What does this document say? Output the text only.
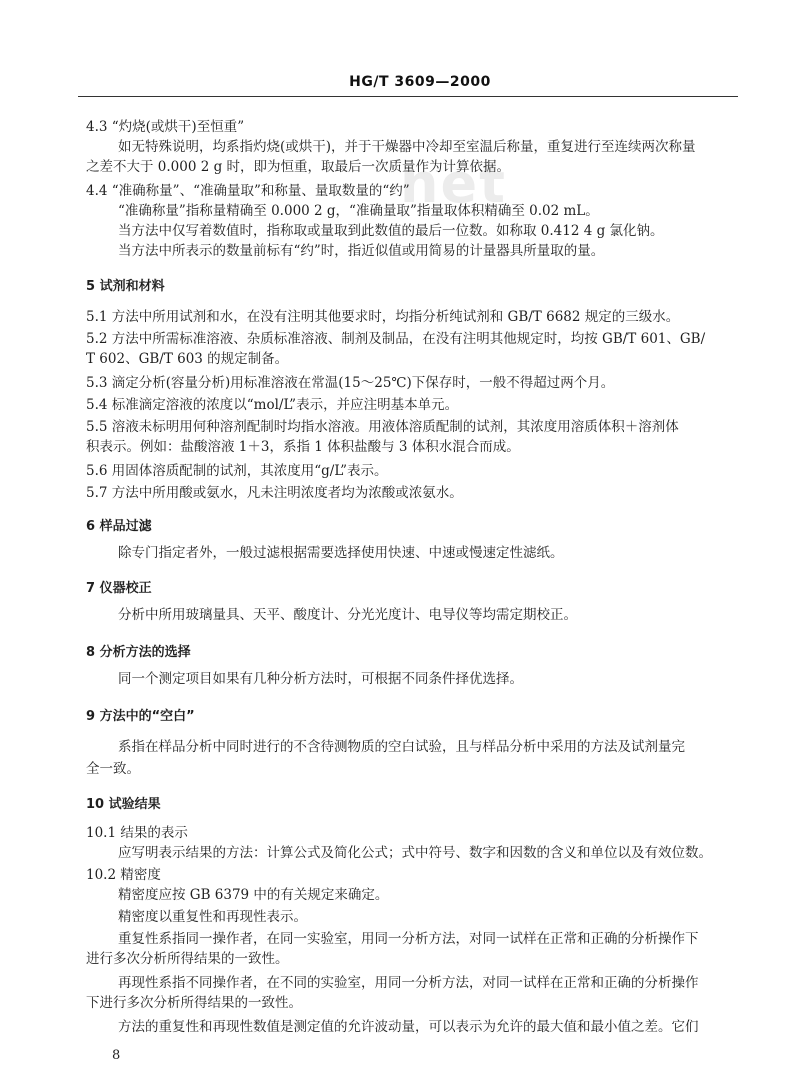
HG/T 3609—2000
net
4.3 “灼烧(或烘干)至恒重”
如无特殊说明，均系指灼烧(或烘干)，并于干燥器中冷却至室温后称量，重复进行至连续两次称量
之差不大于 0.000 2 g 时，即为恒重，取最后一次质量作为计算依据。
4.4 “准确称量”、“准确量取”和称量、量取数量的“约”
“准确称量”指称量精确至 0.000 2 g，“准确量取”指量取体积精确至 0.02 mL。
当方法中仅写着数值时，指称取或量取到此数值的最后一位数。如称取 0.412 4 g 氯化钠。
当方法中所表示的数量前标有“约”时，指近似值或用简易的计量器具所量取的量。
5 试剂和材料
5.1 方法中所用试剂和水，在没有注明其他要求时，均指分析纯试剂和 GB/T 6682 规定的三级水。
5.2 方法中所需标准溶液、杂质标准溶液、制剂及制品，在没有注明其他规定时，均按 GB/T 601、GB/
T 602、GB/T 603 的规定制备。
5.3 滴定分析(容量分析)用标准溶液在常温(15～25℃)下保存时，一般不得超过两个月。
5.4 标准滴定溶液的浓度以“mol/L”表示，并应注明基本单元。
5.5 溶液未标明用何种溶剂配制时均指水溶液。用液体溶质配制的试剂，其浓度用溶质体积＋溶剂体
积表示。例如：盐酸溶液 1＋3，系指 1 体积盐酸与 3 体积水混合而成。
5.6 用固体溶质配制的试剂，其浓度用“g/L”表示。
5.7 方法中所用酸或氨水，凡未注明浓度者均为浓酸或浓氨水。
6 样品过滤
除专门指定者外，一般过滤根据需要选择使用快速、中速或慢速定性滤纸。
7 仪器校正
分析中所用玻璃量具、天平、酸度计、分光光度计、电导仪等均需定期校正。
8 分析方法的选择
同一个测定项目如果有几种分析方法时，可根据不同条件择优选择。
9 方法中的“空白”
系指在样品分析中同时进行的不含待测物质的空白试验，且与样品分析中采用的方法及试剂量完
全一致。
10 试验结果
10.1 结果的表示
应写明表示结果的方法：计算公式及简化公式；式中符号、数字和因数的含义和单位以及有效位数。
10.2 精密度
精密度应按 GB 6379 中的有关规定来确定。
精密度以重复性和再现性表示。
重复性系指同一操作者，在同一实验室，用同一分析方法，对同一试样在正常和正确的分析操作下
进行多次分析所得结果的一致性。
再现性系指不同操作者，在不同的实验室，用同一分析方法，对同一试样在正常和正确的分析操作
下进行多次分析所得结果的一致性。
方法的重复性和再现性数值是测定值的允许波动量，可以表示为允许的最大值和最小值之差。它们
8
